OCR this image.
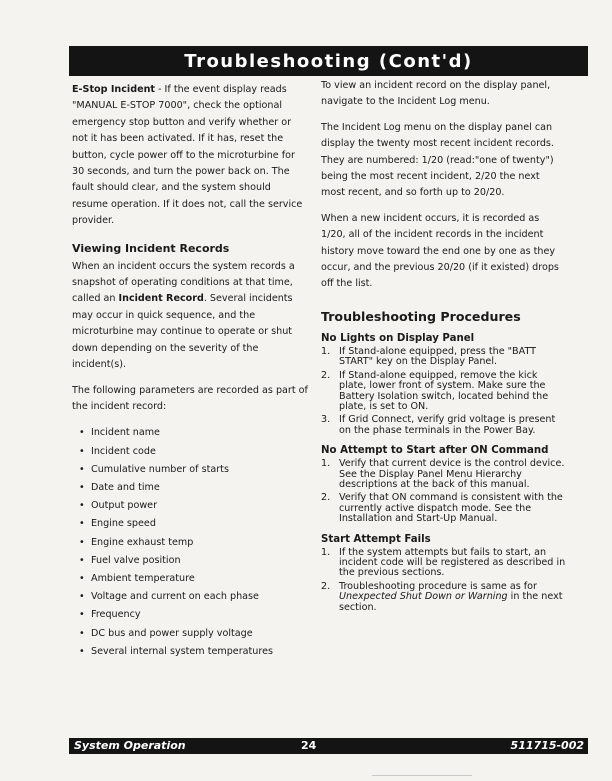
Troubleshooting (Cont'd)

E-Stop Incident - If the event display reads "MANUAL E-STOP 7000", check the optional emergency stop button and verify whether or not it has been activated. If it has, reset the button, cycle power off to the microturbine for 30 seconds, and turn the power back on. The fault should clear, and the system should resume operation. If it does not, call the service provider.

Viewing Incident Records

When an incident occurs the system records a snapshot of operating conditions at that time, called an Incident Record. Several incidents may occur in quick sequence, and the microturbine may continue to operate or shut down depending on the severity of the incident(s).

The following parameters are recorded as part of the incident record:

• Incident name
• Incident code
• Cumulative number of starts
• Date and time
• Output power
• Engine speed
• Engine exhaust temp
• Fuel valve position
• Ambient temperature
• Voltage and current on each phase
• Frequency
• DC bus and power supply voltage
• Several internal system temperatures

To view an incident record on the display panel, navigate to the Incident Log menu.

The Incident Log menu on the display panel can display the twenty most recent incident records. They are numbered: 1/20 (read:"one of twenty") being the most recent incident, 2/20 the next most recent, and so forth up to 20/20.

When a new incident occurs, it is recorded as 1/20, all of the incident records in the incident history move toward the end one by one as they occur, and the previous 20/20 (if it existed) drops off the list.

Troubleshooting Procedures
No Lights on Display Panel
1. If Stand-alone equipped, press the "BATT START" key on the Display Panel.
2. If Stand-alone equipped, remove the kick plate, lower front of system. Make sure the Battery Isolation switch, located behind the plate, is set to ON.
3. If Grid Connect, verify grid voltage is present on the phase terminals in the Power Bay.
No Attempt to Start after ON Command
1. Verify that current device is the control device. See the Display Panel Menu Hierarchy descriptions at the back of this manual.
2. Verify that ON command is consistent with the currently active dispatch mode. See the Installation and Start-Up Manual.
Start Attempt Fails
1. If the system attempts but fails to start, an incident code will be registered as described in the previous sections.
2. Troubleshooting procedure is same as for Unexpected Shut Down or Warning in the next section.
System Operation	24	511715-002
